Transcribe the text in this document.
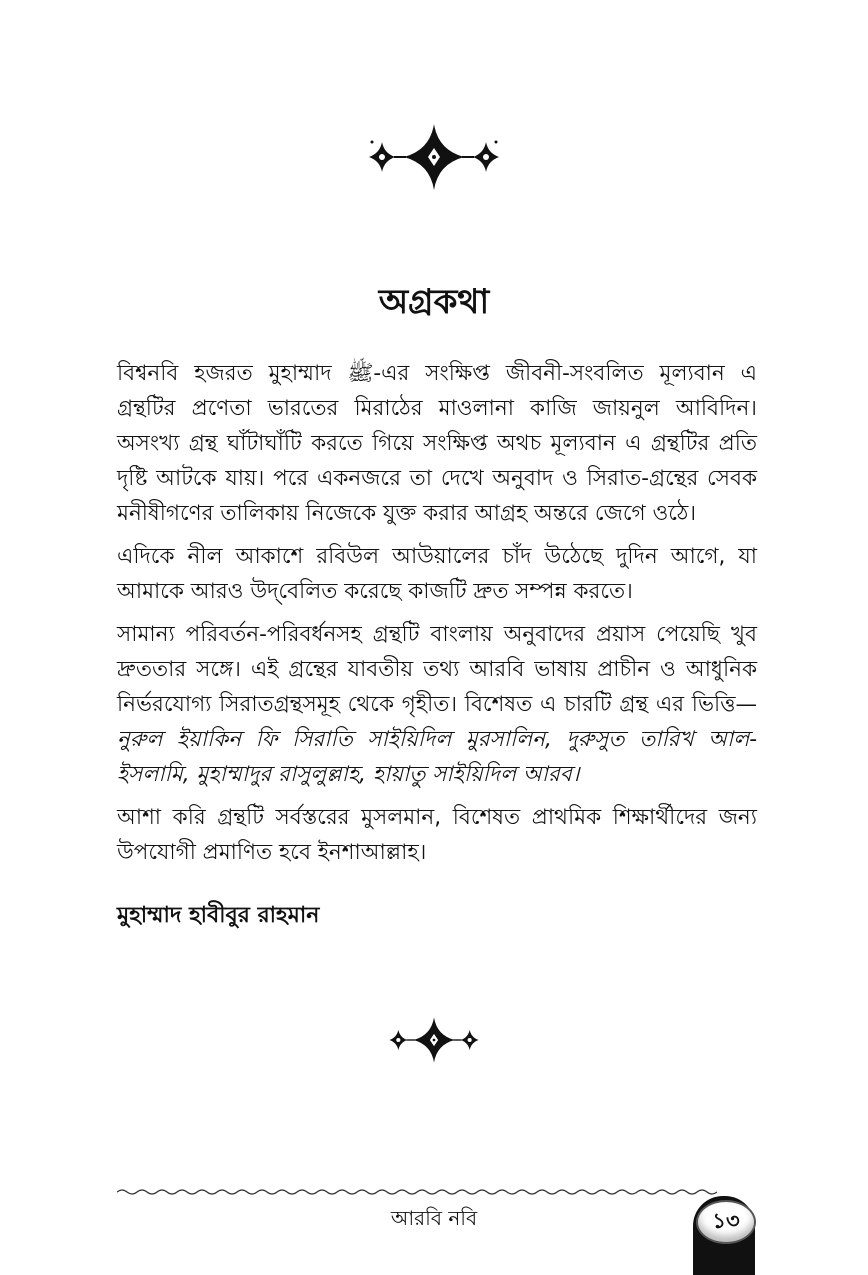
অগ্রকথা

বিশ্বনবি হজরত মুহাম্মাদ ﷺ-এর সংক্ষিপ্ত জীবনী-সংবলিত মূল্যবান এ গ্রন্থটির প্রণেতা ভারতের মিরাঠের মাওলানা কাজি জায়নুল আবিদিন। অসংখ্য গ্রন্থ ঘাঁটাঘাঁটি করতে গিয়ে সংক্ষিপ্ত অথচ মূল্যবান এ গ্রন্থটির প্রতি দৃষ্টি আটকে যায়। পরে একনজরে তা দেখে অনুবাদ ও সিরাত-গ্রন্থের সেবক মনীষীগণের তালিকায় নিজেকে যুক্ত করার আগ্রহ অন্তরে জেগে ওঠে।

এদিকে নীল আকাশে রবিউল আউয়ালের চাঁদ উঠেছে দুদিন আগে, যা আমাকে আরও উদ্‌বেলিত করেছে কাজটি দ্রুত সম্পন্ন করতে।

সামান্য পরিবর্তন-পরিবর্ধনসহ গ্রন্থটি বাংলায় অনুবাদের প্রয়াস পেয়েছি খুব দ্রুততার সঙ্গে। এই গ্রন্থের যাবতীয় তথ্য আরবি ভাষায় প্রাচীন ও আধুনিক নির্ভরযোগ্য সিরাতগ্রন্থসমূহ থেকে গৃহীত। বিশেষত এ চারটি গ্রন্থ এর ভিত্তি—নুরুল ইয়াকিন ফি সিরাতি সাইয়িদিল মুরসালিন, দুরুসুত তারিখ আল-ইসলামি, মুহাম্মাদুর রাসুলুল্লাহ, হায়াতু সাইয়িদিল আরব।

আশা করি গ্রন্থটি সর্বস্তরের মুসলমান, বিশেষত প্রাথমিক শিক্ষার্থীদের জন্য উপযোগী প্রমাণিত হবে ইনশাআল্লাহ।

মুহাম্মাদ হাবীবুর রাহমান

আরবি নবি	১৩
